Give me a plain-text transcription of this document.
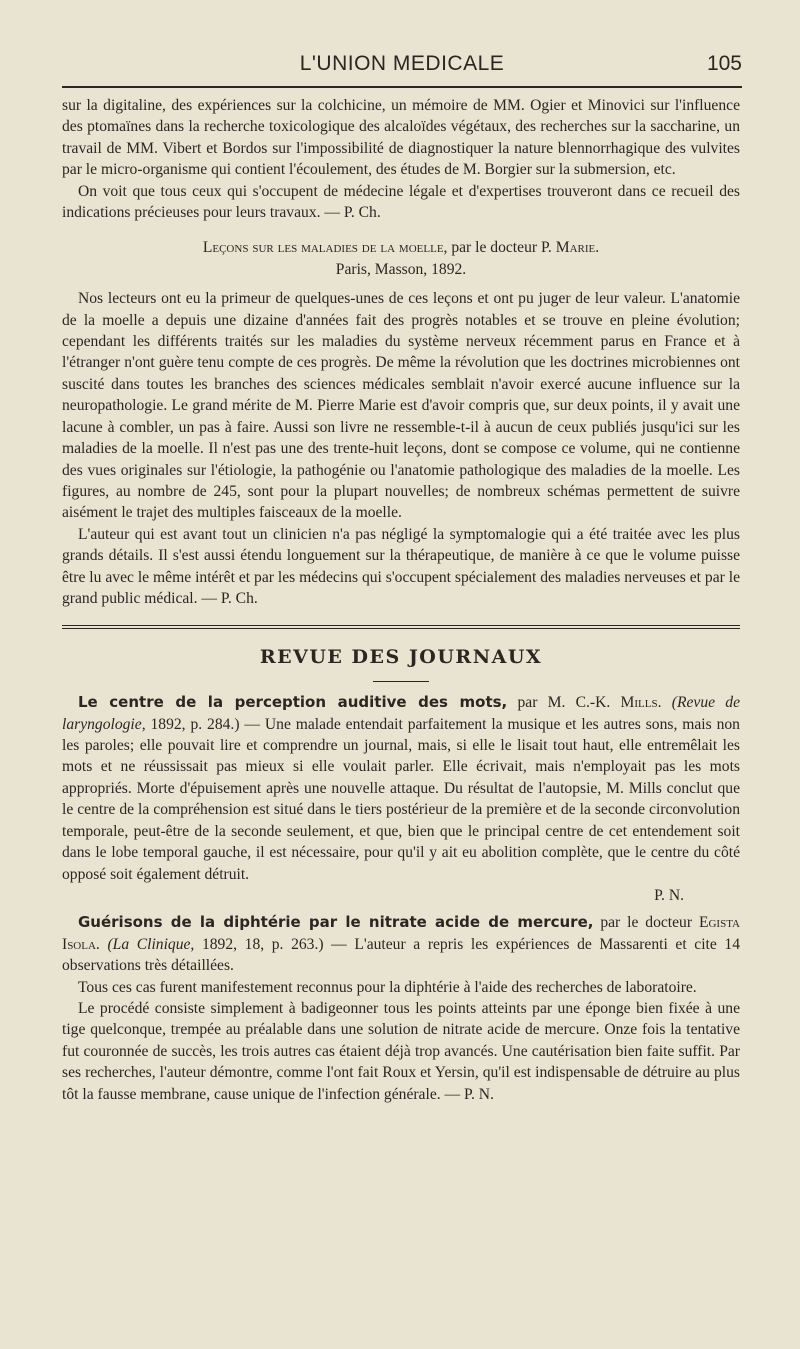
L'UNION MEDICALE	105

sur la digitaline, des expériences sur la colchicine, un mémoire de MM. Ogier et Minovici sur l'influence des ptomaïnes dans la recherche toxicologique des alcaloïdes végétaux, des recherches sur la saccharine, un travail de MM. Vibert et Bordos sur l'impossibilité de diagnostiquer la nature blennorrhagique des vulvites par le micro-organisme qui contient l'écoulement, des études de M. Borgier sur la submersion, etc.

On voit que tous ceux qui s'occupent de médecine légale et d'expertises trouveront dans ce recueil des indications précieuses pour leurs travaux. — P. Ch.

Leçons sur les maladies de la moelle, par le docteur P. Marie.

Paris, Masson, 1892.

Nos lecteurs ont eu la primeur de quelques-unes de ces leçons et ont pu juger de leur valeur. L'anatomie de la moelle a depuis une dizaine d'années fait des progrès notables et se trouve en pleine évolution; cependant les différents traités sur les maladies du système nerveux récemment parus en France et à l'étranger n'ont guère tenu compte de ces progrès. De même la révolution que les doctrines microbiennes ont suscité dans toutes les branches des sciences médicales semblait n'avoir exercé aucune influence sur la neuropathologie. Le grand mérite de M. Pierre Marie est d'avoir compris que, sur deux points, il y avait une lacune à combler, un pas à faire. Aussi son livre ne ressemble-t-il à aucun de ceux publiés jusqu'ici sur les maladies de la moelle. Il n'est pas une des trente-huit leçons, dont se compose ce volume, qui ne contienne des vues originales sur l'étiologie, la pathogénie ou l'anatomie pathologique des maladies de la moelle. Les figures, au nombre de 245, sont pour la plupart nouvelles; de nombreux schémas permettent de suivre aisément le trajet des multiples faisceaux de la moelle.

L'auteur qui est avant tout un clinicien n'a pas négligé la symptomalogie qui a été traitée avec les plus grands détails. Il s'est aussi étendu longuement sur la thérapeutique, de manière à ce que le volume puisse être lu avec le même intérêt et par les médecins qui s'occupent spécialement des maladies nerveuses et par le grand public médical. — P. Ch.

REVUE DES JOURNAUX

Le centre de la perception auditive des mots, par M. C.-K. Mills. (Revue de laryngologie, 1892, p. 284.) — Une malade entendait parfaitement la musique et les autres sons, mais non les paroles; elle pouvait lire et comprendre un journal, mais, si elle le lisait tout haut, elle entremêlait les mots et ne réussissait pas mieux si elle voulait parler. Elle écrivait, mais n'employait pas les mots appropriés. Morte d'épuisement après une nouvelle attaque. Du résultat de l'autopsie, M. Mills conclut que le centre de la compréhension est situé dans le tiers postérieur de la première et de la seconde circonvolution temporale, peut-être de la seconde seulement, et que, bien que le principal centre de cet entendement soit dans le lobe temporal gauche, il est nécessaire, pour qu'il y ait eu abolition complète, que le centre du côté opposé soit également détruit.

P. N.

Guérisons de la diphtérie par le nitrate acide de mercure, par le docteur Egista Isola. (La Clinique, 1892, 18, p. 263.) — L'auteur a repris les expériences de Massarenti et cite 14 observations très détaillées.

Tous ces cas furent manifestement reconnus pour la diphtérie à l'aide des recherches de laboratoire.

Le procédé consiste simplement à badigeonner tous les points atteints par une éponge bien fixée à une tige quelconque, trempée au préalable dans une solution de nitrate acide de mercure. Onze fois la tentative fut couronnée de succès, les trois autres cas étaient déjà trop avancés. Une cautérisation bien faite suffit. Par ses recherches, l'auteur démontre, comme l'ont fait Roux et Yersin, qu'il est indispensable de détruire au plus tôt la fausse membrane, cause unique de l'infection générale. — P. N.
